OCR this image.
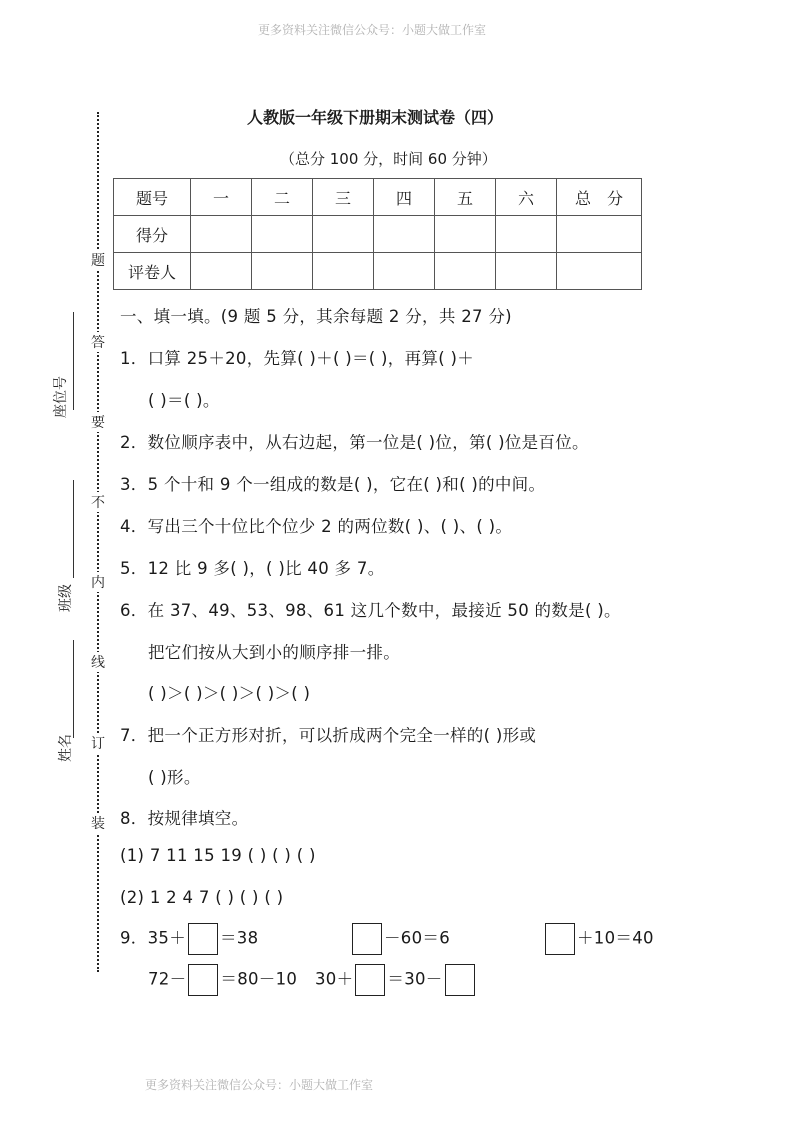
更多资料关注微信公众号：小题大做工作室
更多资料关注微信公众号：小题大做工作室
人教版一年级下册期末测试卷（四）
（总分 100 分，时间 60 分钟）
题号	一	二	三	四	五	六	总　分
得分							
评卷人							
题
答
要
不
内
线
订
装
座位号
班级
姓名
一、填一填。(9 题 5 分，其余每题 2 分，共 27 分)
1．口算 25＋20，先算( )＋( )＝( )，再算( )＋
( )＝( )。
2．数位顺序表中，从右边起，第一位是( )位，第( )位是百位。
3．5 个十和 9 个一组成的数是( )，它在( )和( )的中间。
4．写出三个十位比个位少 2 的两位数( )、( )、( )。
5．12 比 9 多( )，( )比 40 多 7。
6．在 37、49、53、98、61 这几个数中，最接近 50 的数是( )。
把它们按从大到小的顺序排一排。
( )＞( )＞( )＞( )＞( )
7．把一个正方形对折，可以折成两个完全一样的( )形或
( )形。
8．按规律填空。
(1) 7 11 15 19 ( ) ( ) ( )
(2) 1 2 4 7 ( ) ( ) ( )
9．35＋ ＝38	－60＝6	＋10＝40
72－ ＝80－10 30＋ ＝30－
